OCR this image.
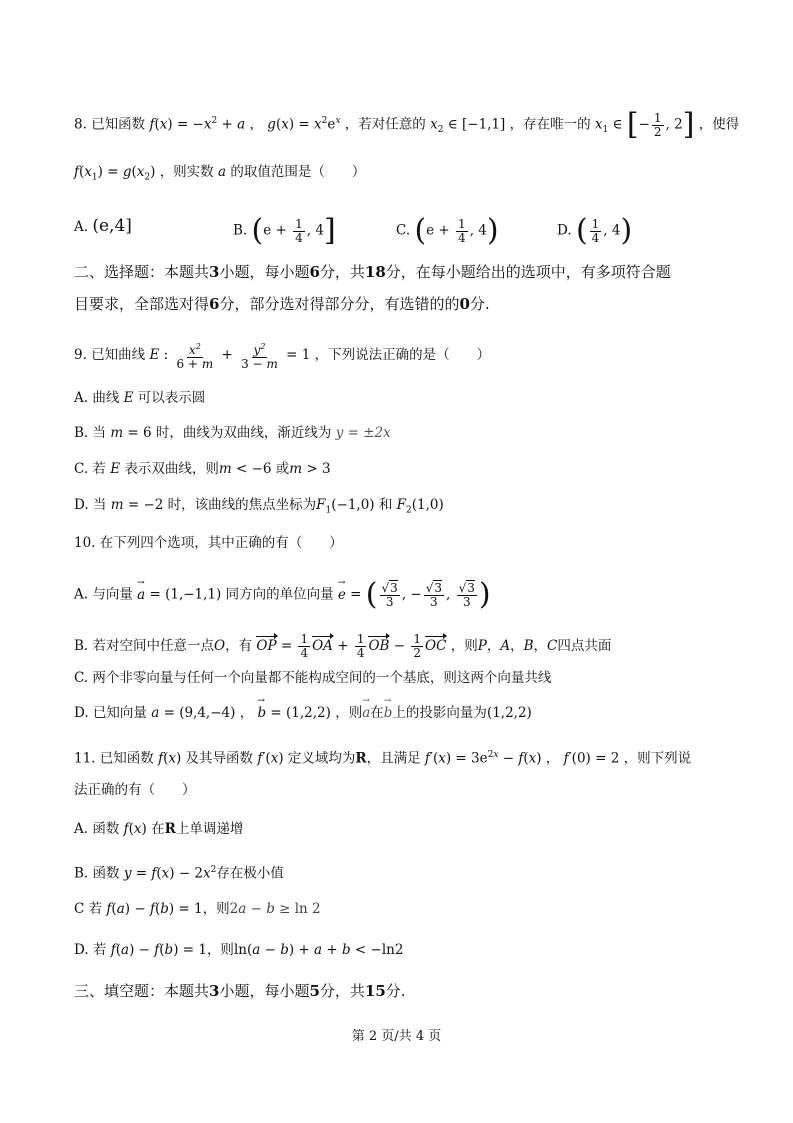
8. 已知函数 $f(x) = -x^2 + a$ ， $g(x) = x^2e^x$ ，若对任意的 $x_2$ ∈ [−1,1] ，存在唯一的 $x_1$ ∈ [− $\frac{1}{2}$ , 2] ，使得
$f(x_1) = g(x_2)$ ，则实数 a 的取值范围是（　　）
A. (e,4]	B. ($e + \frac{1}{4}$ , 4]	C. ($e + \frac{1}{4}$ , 4)	D. ( $\frac{1}{4}$ , 4)
二、选择题：本题共3小题，每小题6分，共18分，在每小题给出的选项中，有多项符合题
目要求，全部选对得6分，部分选对得部分分，有选错的的0分.
9. 已知曲线 E : $\frac{x^2}{6 + m} + \frac{y^2}{3 - m} = 1$ ，下列说法正确的是（　　）
A. 曲线 E 可以表示圆
B. 当 m = 6 时，曲线为双曲线，渐近线为 y = ±2x
C. 若 E 表示双曲线，则m < −6 或m > 3
D. 当 m = −2 时，该曲线的焦点坐标为$F_1(-1,0)$ 和 $F_2(1,0)$
10. 在下列四个选项，其中正确的有（　　）
A. 与向量 → a = (1,−1,1) 同方向的单位向量 → e = ( $\frac{√3}{3}$ , − $\frac{√3}{3}$ , $\frac{√3}{3}$ )
B. 若对空间中任意一点O，有 OP = $\frac{1}{4}$ OA + $\frac{1}{4}$ OB − $\frac{1}{2}$ OC ，则P，A，B，C四点共面
C. 两个非零向量与任何一个向量都不能构成空间的一个基底，则这两个向量共线
D. 已知向量 a = (9,4,−4) ， → b = (1,2,2) ，则→ a在→ b上的投影向量为(1,2,2)
11. 已知函数 f(x) 及其导函数 f′(x) 定义域均为R，且满足 $f'(x) = 3e^{2x} - f(x)$ ， f′(0) = 2 ，则下列说
法正确的有（　　）
A. 函数 f(x) 在R上单调递增
B. 函数 $y = f(x) - 2x^2$存在极小值
C 若 f(a) − f(b) = 1，则2a − b ≥ ln 2
D. 若 f(a) − f(b) = 1，则ln(a − b) + a + b < −ln2
三、填空题：本题共3小题，每小题5分，共15分.
第 2 页/共 4 页
